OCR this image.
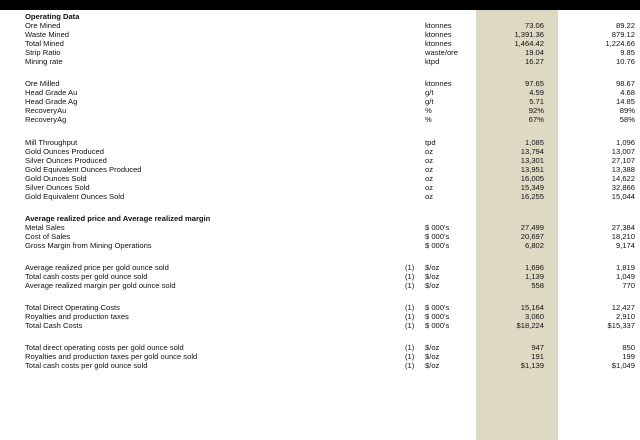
Operating Data
Ore Mined	ktonnes	73.06	89.22
Waste Mined	ktonnes	1,391.36	879.12
Total Mined	ktonnes	1,464.42	1,224.66
Strip Ratio	waste/ore	19.04	9.85
Mining rate	ktpd	16.27	10.76
Ore Milled	ktonnes	97.65	98.67
Head Grade Au	g/t	4.59	4.68
Head Grade Ag	g/t	5.71	14.85
RecoveryAu	%	92%	89%
RecoveryAg	%	67%	58%
Mill Throughput	tpd	1,085	1,096
Gold Ounces Produced	oz	13,794	13,007
Silver Ounces Produced	oz	13,301	27,107
Gold Equivalent Ounces Produced	oz	13,951	13,388
Gold Ounces Sold	oz	16,005	14,622
Silver Ounces Sold	oz	15,349	32,866
Gold Equivalent Ounces Sold	oz	16,255	15,044
Average realized price and Average realized margin
Metal Sales	$ 000's	27,499	27,384
Cost of Sales	$ 000's	20,697	18,210
Gross Margin from Mining Operations	$ 000's	6,802	9,174
Average realized price per gold ounce sold	(1) $/oz	1,696	1,819
Total cash costs per gold ounce sold	(1) $/oz	1,139	1,049
Average realized margin per gold ounce sold	(1) $/oz	558	770
Total Direct Operating Costs	(1) $ 000's	15,164	12,427
Royalties and production taxes	(1) $ 000's	3,060	2,910
Total Cash Costs	(1) $ 000's	$18,224	$15,337
Total direct operating costs per gold ounce sold	(1) $/oz	947	850
Royalties and production taxes per gold ounce sold	(1) $/oz	191	199
Total cash costs per gold ounce sold	(1) $/oz	$1,139	$1,049
